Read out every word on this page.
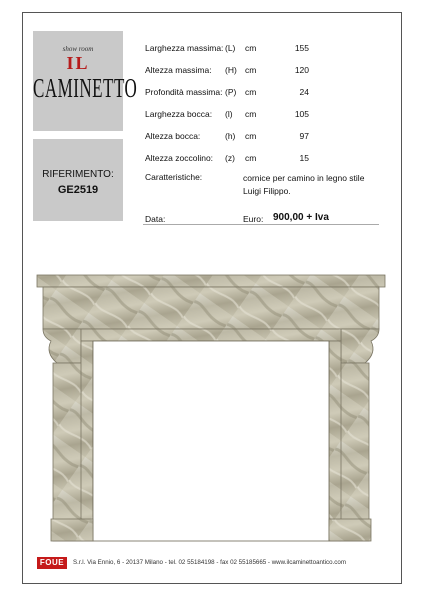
show room
IL
CAMINETTO
RIFERIMENTO:
GE2519
Larghezza massima: (L) cm	155
Altezza massima: (H) cm	120
Profondità massima: (P) cm	24
Larghezza bocca: (l) cm	105
Altezza bocca:	(h) cm	97
Altezza zoccolino: (z) cm	15
Caratteristiche:	cornice per camino in legno stile Luigi Filippo.
Data:	Euro: 900,00 + Iva
FOUE	S.r.l. Via Ennio, 6 - 20137 Milano - tel. 02 55184198 - fax 02 55185665 - www.ilcaminettoantico.com
